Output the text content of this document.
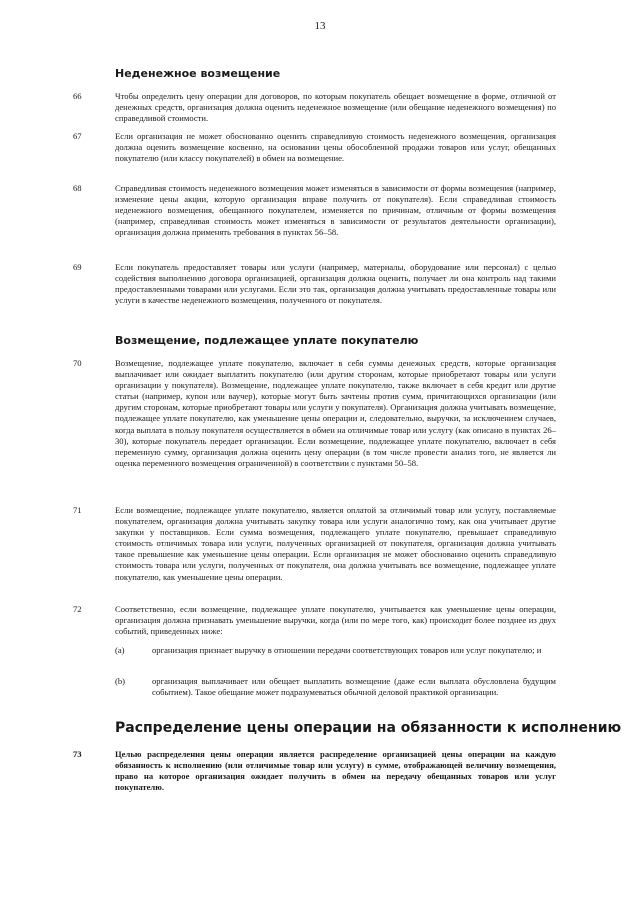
13
Неденежное возмещение
66	Чтобы определить цену операции для договоров, по которым покупатель обещает возмещение в форме, отличной от денежных средств, организация должна оценить неденежное возмещение (или обещание неденежного возмещения) по справедливой стоимости.
67	Если организация не может обоснованно оценить справедливую стоимость неденежного возмещения, организация должна оценить возмещение косвенно, на основании цены обособленной продажи товаров или услуг, обещанных покупателю (или классу покупателей) в обмен на возмещение.
68	Справедливая стоимость неденежного возмещения может изменяться в зависимости от формы возмещения (например, изменение цены акции, которую организация вправе получить от покупателя). Если справедливая стоимость неденежного возмещения, обещанного покупателем, изменяется по причинам, отличным от формы возмещения (например, справедливая стоимость может изменяться в зависимости от результатов деятельности организации), организация должна применять требования в пунктах 56–58.
69	Если покупатель предоставляет товары или услуги (например, материалы, оборудование или персонал) с целью содействия выполнению договора организацией, организация должна оценить, получает ли она контроль над такими предоставленными товарами или услугами. Если это так, организация должна учитывать предоставленные товары или услуги в качестве неденежного возмещения, полученного от покупателя.
Возмещение, подлежащее уплате покупателю
70	Возмещение, подлежащее уплате покупателю, включает в себя суммы денежных средств, которые организация выплачивает или ожидает выплатить покупателю (или другим сторонам, которые приобретают товары или услуги организации у покупателя). Возмещение, подлежащее уплате покупателю, также включает в себя кредит или другие статьи (например, купон или ваучер), которые могут быть зачтены против сумм, причитающихся организации (или другим сторонам, которые приобретают товары или услуги у покупателя). Организация должна учитывать возмещение, подлежащее уплате покупателю, как уменьшение цены операции и, следовательно, выручки, за исключением случаев, когда выплата в пользу покупателя осуществляется в обмен на отличимые товар или услугу (как описано в пунктах 26–30), которые покупатель передает организации. Если возмещение, подлежащее уплате покупателю, включает в себя переменную сумму, организация должна оценить цену операции (в том числе провести анализ того, не является ли оценка переменного возмещения ограниченной) в соответствии с пунктами 50–58.
71	Если возмещение, подлежащее уплате покупателю, является оплатой за отличимый товар или услугу, поставляемые покупателем, организация должна учитывать закупку товара или услуги аналогично тому, как она учитывает другие закупки у поставщиков. Если сумма возмещения, подлежащего уплате покупателю, превышает справедливую стоимость отличимых товара или услуги, полученных организацией от покупателя, организация должна учитывать такое превышение как уменьшение цены операции. Если организация не может обоснованно оценить справедливую стоимость товара или услуги, полученных от покупателя, она должна учитывать все возмещение, подлежащее уплате покупателю, как уменьшение цены операции.
72	Соответственно, если возмещение, подлежащее уплате покупателю, учитывается как уменьшение цены операции, организация должна признавать уменьшение выручки, когда (или по мере того, как) происходит более позднее из двух событий, приведенных ниже:
(a)	организация признает выручку в отношении передачи соответствующих товаров или услуг покупателю; и
(b)	организация выплачивает или обещает выплатить возмещение (даже если выплата обусловлена будущим событием). Такое обещание может подразумеваться обычной деловой практикой организации.
Распределение цены операции на обязанности к исполнению
73	Целью распределения цены операции является распределение организацией цены операции на каждую обязанность к исполнению (или отличимые товар или услугу) в сумме, отображающей величину возмещения, право на которое организация ожидает получить в обмен на передачу обещанных товаров или услуг покупателю.
